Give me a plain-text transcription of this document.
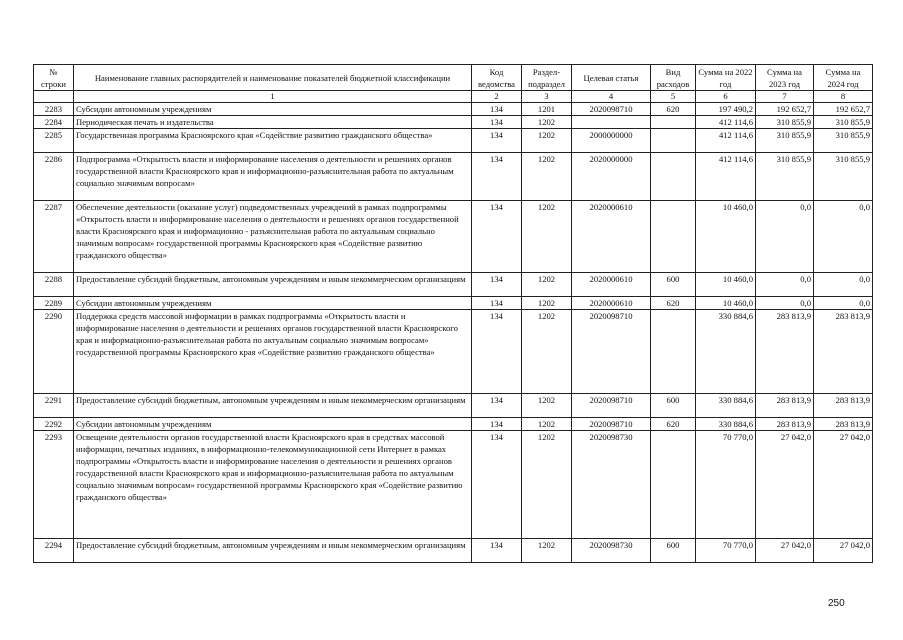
№ строки	Наименование главных распорядителей и наименование показателей бюджетной классификации	Код ведомства	Раздел-подраздел	Целевая статья	Вид расходов	Сумма на 2022 год	Сумма на 2023 год	Сумма на 2024 год
	1	2	3	4	5	6	7	8
2283	Субсидии автономным учреждениям	134	1201	2020098710	620	197 490,2	192 652,7	192 652,7
2284	Периодическая печать и издательства	134	1202			412 114,6	310 855,9	310 855,9
2285	Государственная программа Красноярского края «Содействие развитию гражданского общества»	134	1202	2000000000		412 114,6	310 855,9	310 855,9
2286	Подпрограмма «Открытость власти и информирование населения о деятельности и решениях органов государственной власти Красноярского края и информационно-разъяснительная работа по актуальным социально значимым вопросам»	134	1202	2020000000		412 114,6	310 855,9	310 855,9
2287	Обеспечение деятельности (оказание услуг) подведомственных учреждений в рамках подпрограммы «Открытость власти и информирование населения о деятельности и решениях органов государственной власти Красноярского края и информационно - разъяснительная работа по актуальным социально значимым вопросам» государственной программы Красноярского края «Содействие развитию гражданского общества»	134	1202	2020000610		10 460,0	0,0	0,0
2288	Предоставление субсидий бюджетным, автономным учреждениям и иным некоммерческим организациям	134	1202	2020000610	600	10 460,0	0,0	0,0
2289	Субсидии автономным учреждениям	134	1202	2020000610	620	10 460,0	0,0	0,0
2290	Поддержка средств массовой информации в рамках подпрограммы «Открытость власти и информирование населения о деятельности и решениях органов государственной власти Красноярского края и информационно-разъяснительная работа по актуальным социально значимым вопросам» государственной программы Красноярского края «Содействие развитию гражданского общества»	134	1202	2020098710		330 884,6	283 813,9	283 813,9
2291	Предоставление субсидий бюджетным, автономным учреждениям и иным некоммерческим организациям	134	1202	2020098710	600	330 884,6	283 813,9	283 813,9
2292	Субсидии автономным учреждениям	134	1202	2020098710	620	330 884,6	283 813,9	283 813,9
2293	Освещение деятельности органов государственной власти Красноярского края в средствах массовой информации, печатных изданиях, в информационно-телекоммуникационной сети Интернет в рамках подпрограммы «Открытость власти и информирование населения о деятельности и решениях органов государственной власти Красноярского края и информационно-разъяснительная работа по актуальным социально значимым вопросам» государственной программы Красноярского края «Содействие развитию гражданского общества»	134	1202	2020098730		70 770,0	27 042,0	27 042,0
2294	Предоставление субсидий бюджетным, автономным учреждениям и иным некоммерческим организациям	134	1202	2020098730	600	70 770,0	27 042,0	27 042,0
250
